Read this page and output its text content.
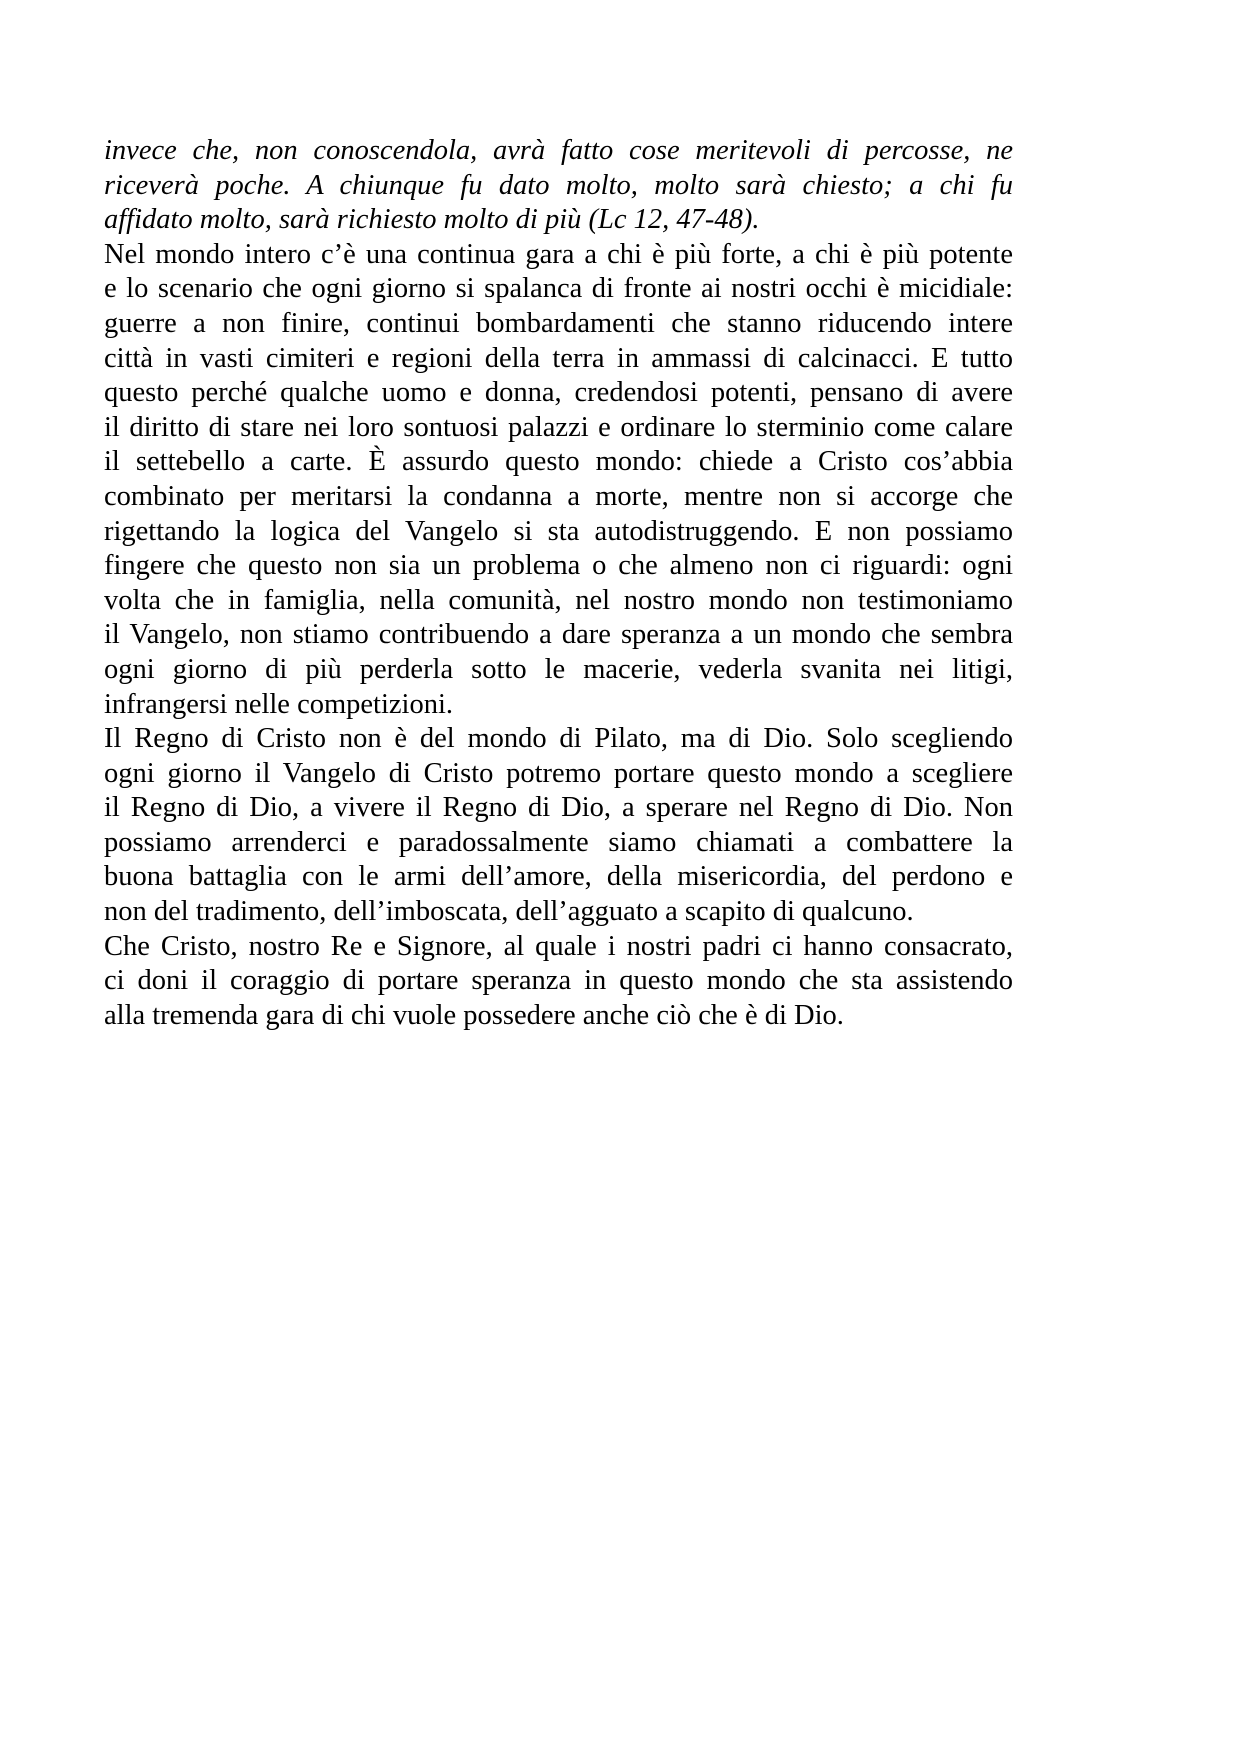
invece che, non conoscendola, avrà fatto cose meritevoli di percosse, ne
riceverà poche. A chiunque fu dato molto, molto sarà chiesto; a chi fu
affidato molto, sarà richiesto molto di più (Lc 12, 47-48).
Nel mondo intero c’è una continua gara a chi è più forte, a chi è più potente
e lo scenario che ogni giorno si spalanca di fronte ai nostri occhi è micidiale:
guerre a non finire, continui bombardamenti che stanno riducendo intere
città in vasti cimiteri e regioni della terra in ammassi di calcinacci. E tutto
questo perché qualche uomo e donna, credendosi potenti, pensano di avere
il diritto di stare nei loro sontuosi palazzi e ordinare lo sterminio come calare
il settebello a carte. È assurdo questo mondo: chiede a Cristo cos’abbia
combinato per meritarsi la condanna a morte, mentre non si accorge che
rigettando la logica del Vangelo si sta autodistruggendo. E non possiamo
fingere che questo non sia un problema o che almeno non ci riguardi: ogni
volta che in famiglia, nella comunità, nel nostro mondo non testimoniamo
il Vangelo, non stiamo contribuendo a dare speranza a un mondo che sembra
ogni giorno di più perderla sotto le macerie, vederla svanita nei litigi,
infrangersi nelle competizioni.
Il Regno di Cristo non è del mondo di Pilato, ma di Dio. Solo scegliendo
ogni giorno il Vangelo di Cristo potremo portare questo mondo a scegliere
il Regno di Dio, a vivere il Regno di Dio, a sperare nel Regno di Dio. Non
possiamo arrenderci e paradossalmente siamo chiamati a combattere la
buona battaglia con le armi dell’amore, della misericordia, del perdono e
non del tradimento, dell’imboscata, dell’agguato a scapito di qualcuno.
Che Cristo, nostro Re e Signore, al quale i nostri padri ci hanno consacrato,
ci doni il coraggio di portare speranza in questo mondo che sta assistendo
alla tremenda gara di chi vuole possedere anche ciò che è di Dio.
